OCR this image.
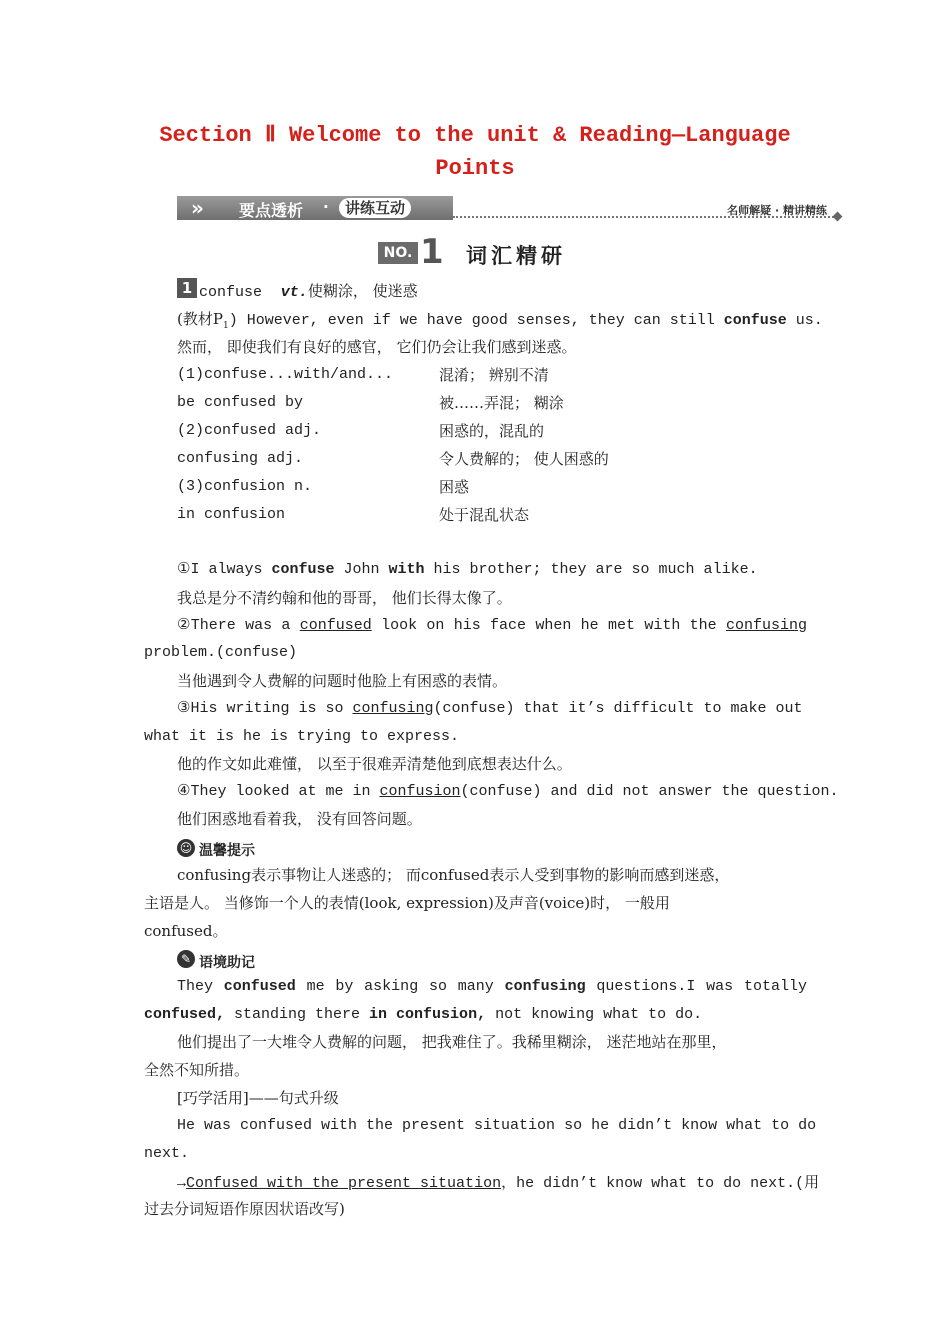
Section Ⅱ Welcome to the unit & Reading—Language
Points
» 要点透析 ·	讲练互动	名师解疑 · 精讲精练
NO. 1 词汇精研
1 confuse vt.使糊涂， 使迷惑
(教材$P_1$) However, even if we have good senses, they can still confuse us.
然而， 即使我们有良好的感官， 它们仍会让我们感到迷惑。
(1)confuse...with/and...	混淆； 辨别不清
be confused by	被……弄混； 糊涂
(2)confused adj.	困惑的，混乱的
confusing adj.	令人费解的； 使人困惑的
(3)confusion n.	困惑
in confusion	处于混乱状态
①I always confuse John with his brother; they are so much alike.
我总是分不清约翰和他的哥哥， 他们长得太像了。
②There was a confused look on his face when he met with the confusing
problem.(confuse)
当他遇到令人费解的问题时他脸上有困惑的表情。
③His writing is so confusing(confuse) that it’s difficult to make out
what it is he is trying to express.
他的作文如此难懂， 以至于很难弄清楚他到底想表达什么。
④They looked at me in confusion(confuse) and did not answer the question.
他们困惑地看着我， 没有回答问题。
☺ 温馨提示
confusing表示事物让人迷惑的； 而confused表示人受到事物的影响而感到迷惑，
主语是人。 当修饰一个人的表情(look, expression)及声音(voice)时， 一般用
confused。
✎ 语境助记
They confused me by asking so many confusing questions.I was totally
confused, standing there in confusion, not knowing what to do.
他们提出了一大堆令人费解的问题， 把我难住了。我稀里糊涂， 迷茫地站在那里，
全然不知所措。
[巧学活用]——句式升级
He was confused with the present situation so he didn’t know what to do
next.
→Confused with the present situation，he didn’t know what to do next.(用
过去分词短语作原因状语改写)
